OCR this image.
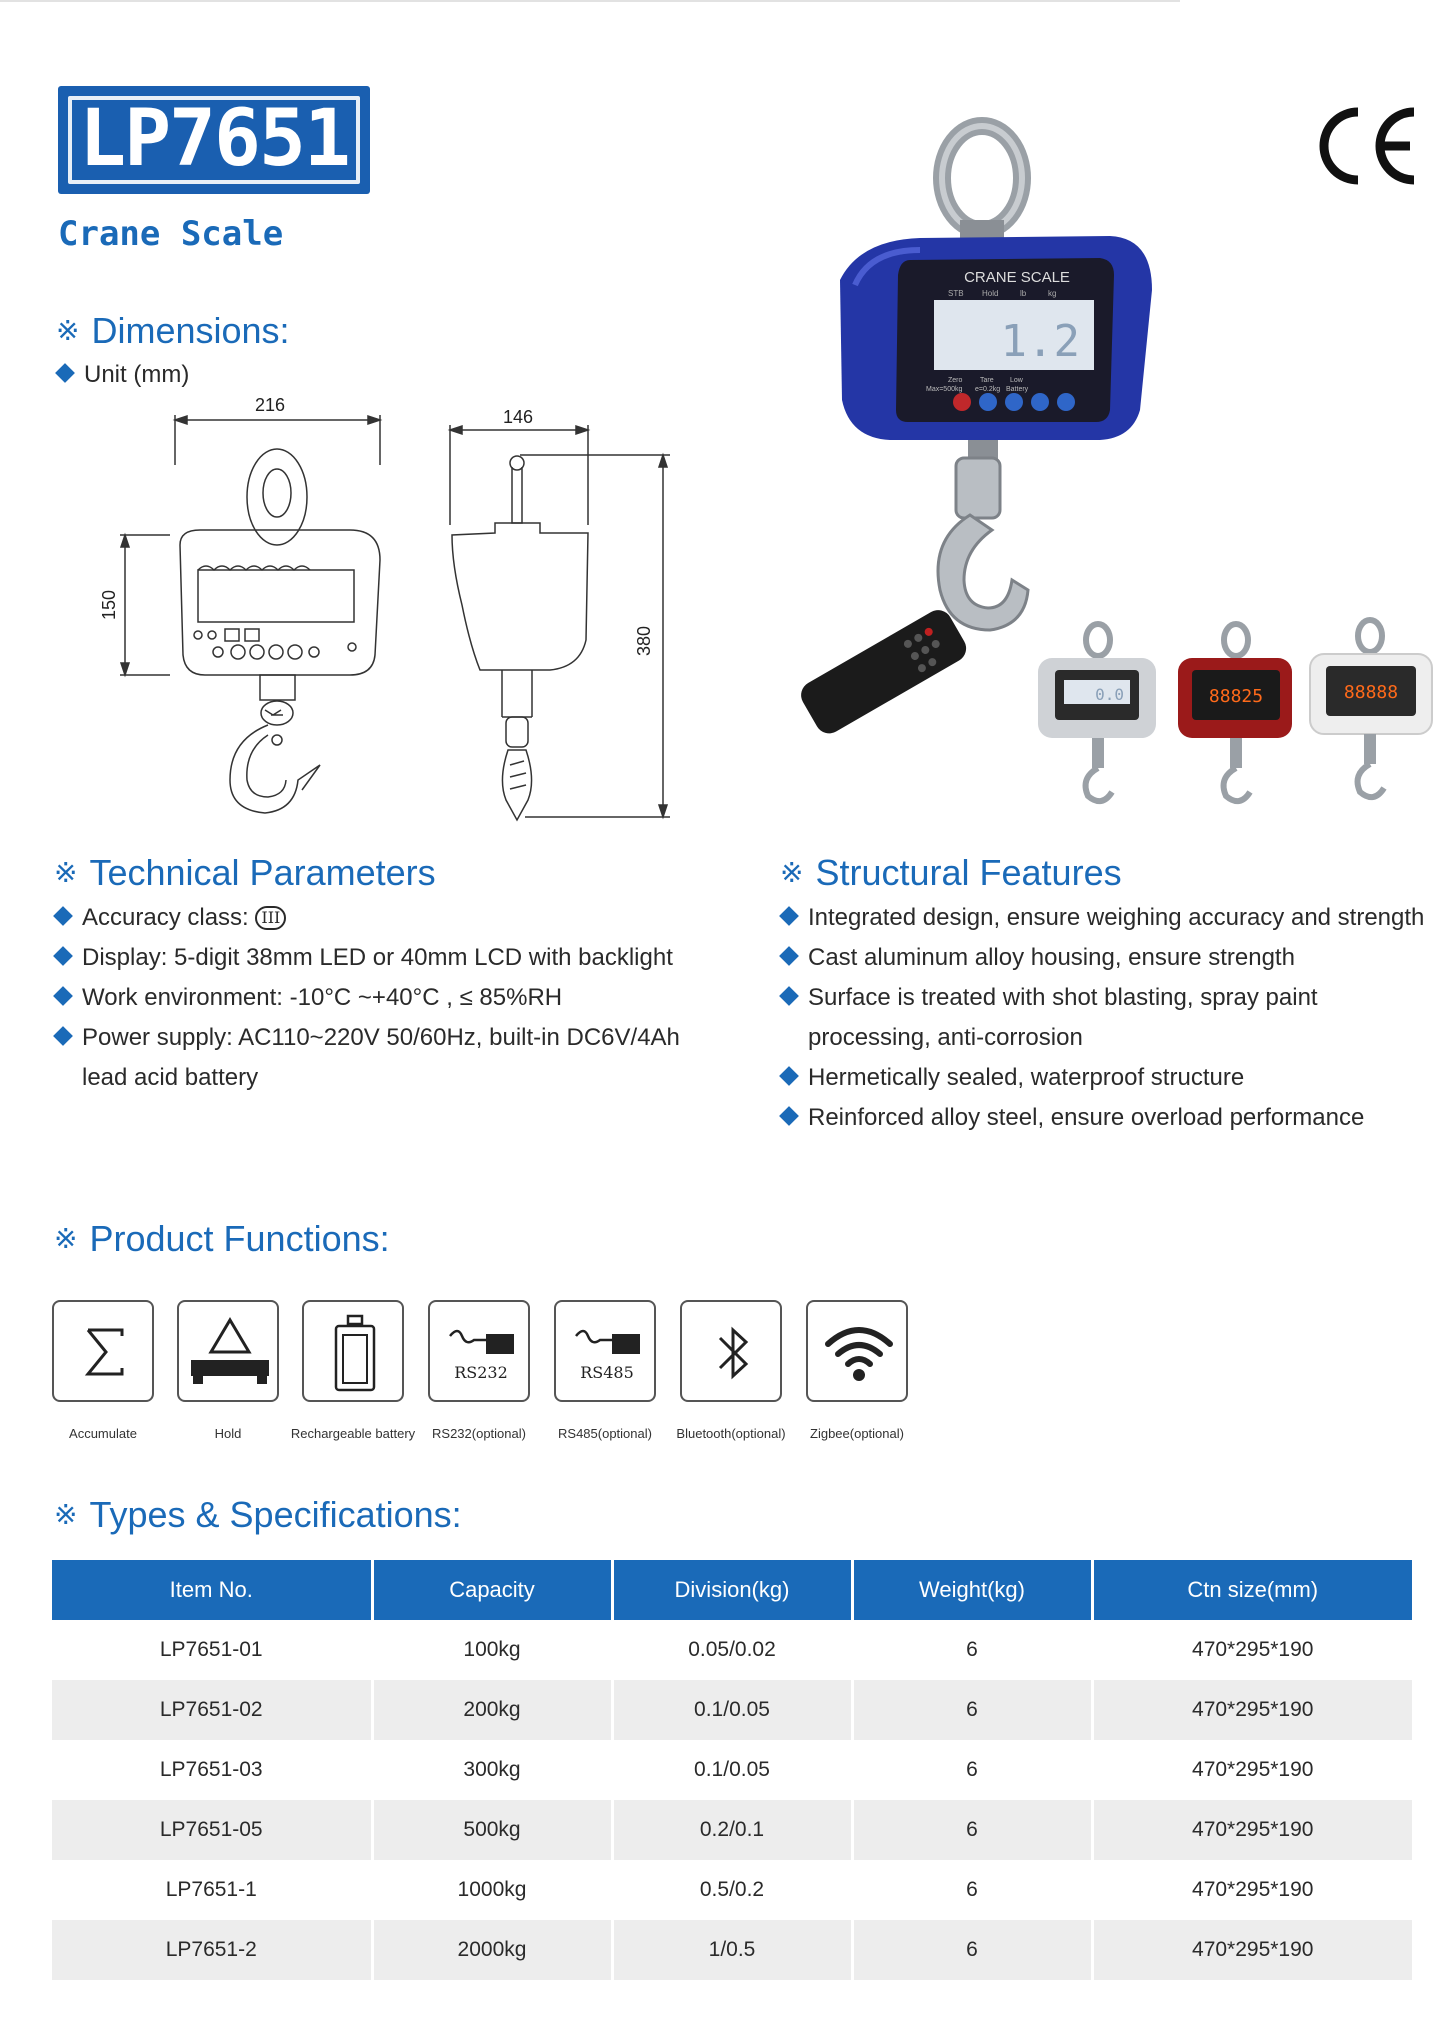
LP7651
Crane Scale
※ Dimensions:
Unit (mm)
216
150
146
380
CRANE SCALE
STB Hold	lb	kg
1.2
Zero	Tare Low
Max=500kg e=0.2kg Battery
0.0	88825	88888
※ Technical Parameters
Accuracy class: III
Display: 5-digit 38mm LED or 40mm LCD with backlight
Work environment: -10°C ~+40°C , ≤ 85%RH
Power supply: AC110~220V 50/60Hz, built-in DC6V/4Ah
lead acid battery
※ Structural Features
Integrated design, ensure weighing accuracy and strength
Cast aluminum alloy housing, ensure strength
Surface is treated with shot blasting, spray paint
processing, anti-corrosion
Hermetically sealed, waterproof structure
Reinforced alloy steel, ensure overload performance
※ Product Functions:
RS232	RS485
Accumulate	Hold	Rechargeable battery	RS232(optional)	RS485(optional)	Bluetooth(optional)	Zigbee(optional)
※ Types & Specifications:
Item No.	Capacity	Division(kg)	Weight(kg)	Ctn size(mm)
LP7651-01	100kg	0.05/0.02	6	470*295*190
LP7651-02	200kg	0.1/0.05	6	470*295*190
LP7651-03	300kg	0.1/0.05	6	470*295*190
LP7651-05	500kg	0.2/0.1	6	470*295*190
LP7651-1	1000kg	0.5/0.2	6	470*295*190
LP7651-2	2000kg	1/0.5	6	470*295*190
